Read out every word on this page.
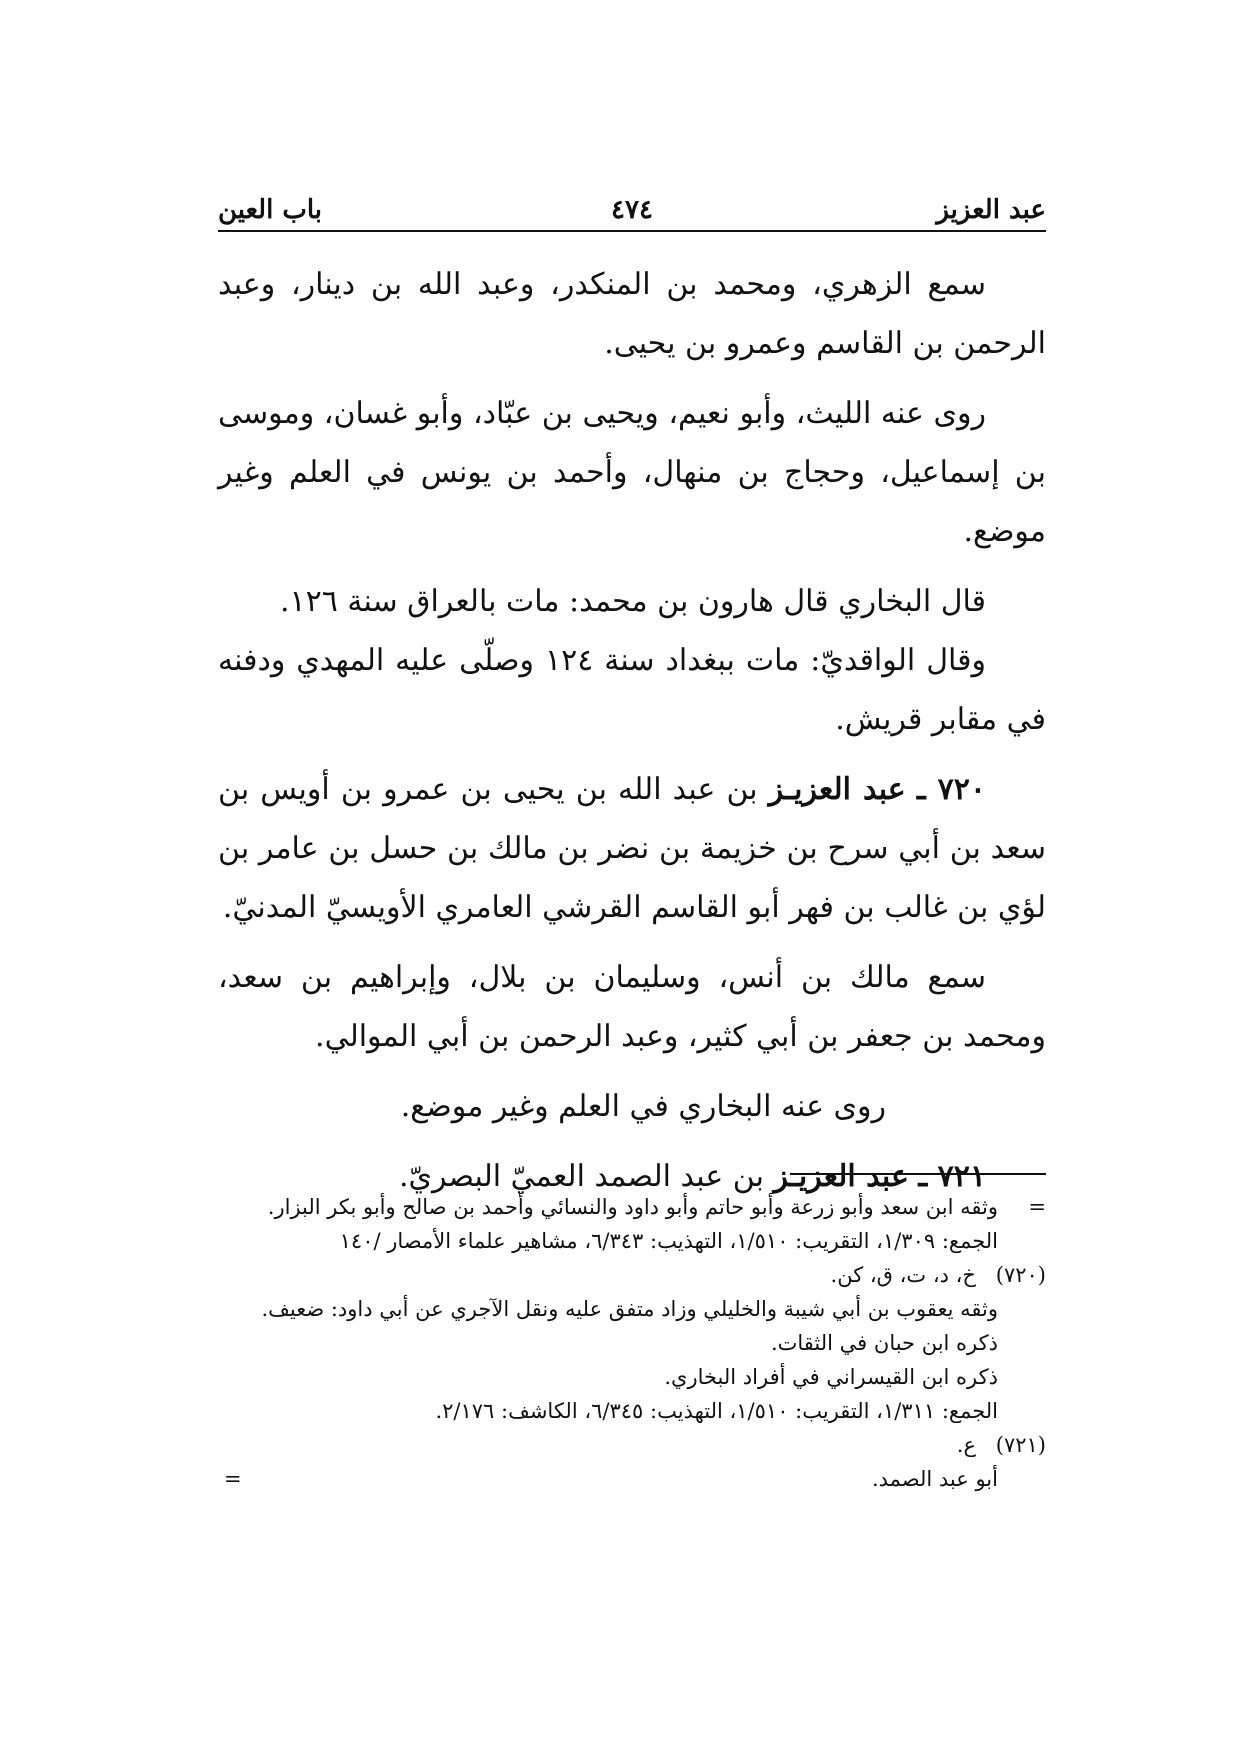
عبد العزيز
٤٧٤
باب العين

سمع الزهري، ومحمد بن المنكدر، وعبد الله بن دينار، وعبد الرحمن بن القاسم وعمرو بن يحيى.

روى عنه الليث، وأبو نعيم، ويحيى بن عبّاد، وأبو غسان، وموسى بن إسماعيل، وحجاج بن منهال، وأحمد بن يونس في العلم وغير موضع.

قال البخاري قال هارون بن محمد: مات بالعراق سنة ١٢٦.

وقال الواقديّ: مات ببغداد سنة ١٢٤ وصلّى عليه المهدي ودفنه في مقابر قريش.

٧٢٠ ـ عبد العزيـز بن عبد الله بن يحيى بن عمرو بن أويس بن سعد بن أبي سرح بن خزيمة بن نضر بن مالك بن حسل بن عامر بن لؤي بن غالب بن فهر أبو القاسم القرشي العامري الأويسيّ المدنيّ.

سمع مالك بن أنس، وسليمان بن بلال، وإبراهيم بن سعد، ومحمد بن جعفر بن أبي كثير، وعبد الرحمن بن أبي الموالي.

روى عنه البخاري في العلم وغير موضع.

٧٢١ ـ عبد العزيـز بن عبد الصمد العميّ البصريّ.

=
وثقه ابن سعد وأبو زرعة وأبو حاتم وأبو داود والنسائي وأحمد بن صالح وأبو بكر البزار.
الجمع: ١/٣٠٩، التقريب: ١/٥١٠، التهذيب: ٦/٣٤٣، مشاهير علماء الأمصار /١٤٠
(٧٢٠)
خ، د، ت، ق، كن.
وثقه يعقوب بن أبي شيبة والخليلي وزاد متفق عليه ونقل الآجري عن أبي داود: ضعيف.
ذكره ابن حبان في الثقات.
ذكره ابن القيسراني في أفراد البخاري.
الجمع: ١/٣١١، التقريب: ١/٥١٠، التهذيب: ٦/٣٤٥، الكاشف: ٢/١٧٦.
(٧٢١)
ع.
أبو عبد الصمد.
=
